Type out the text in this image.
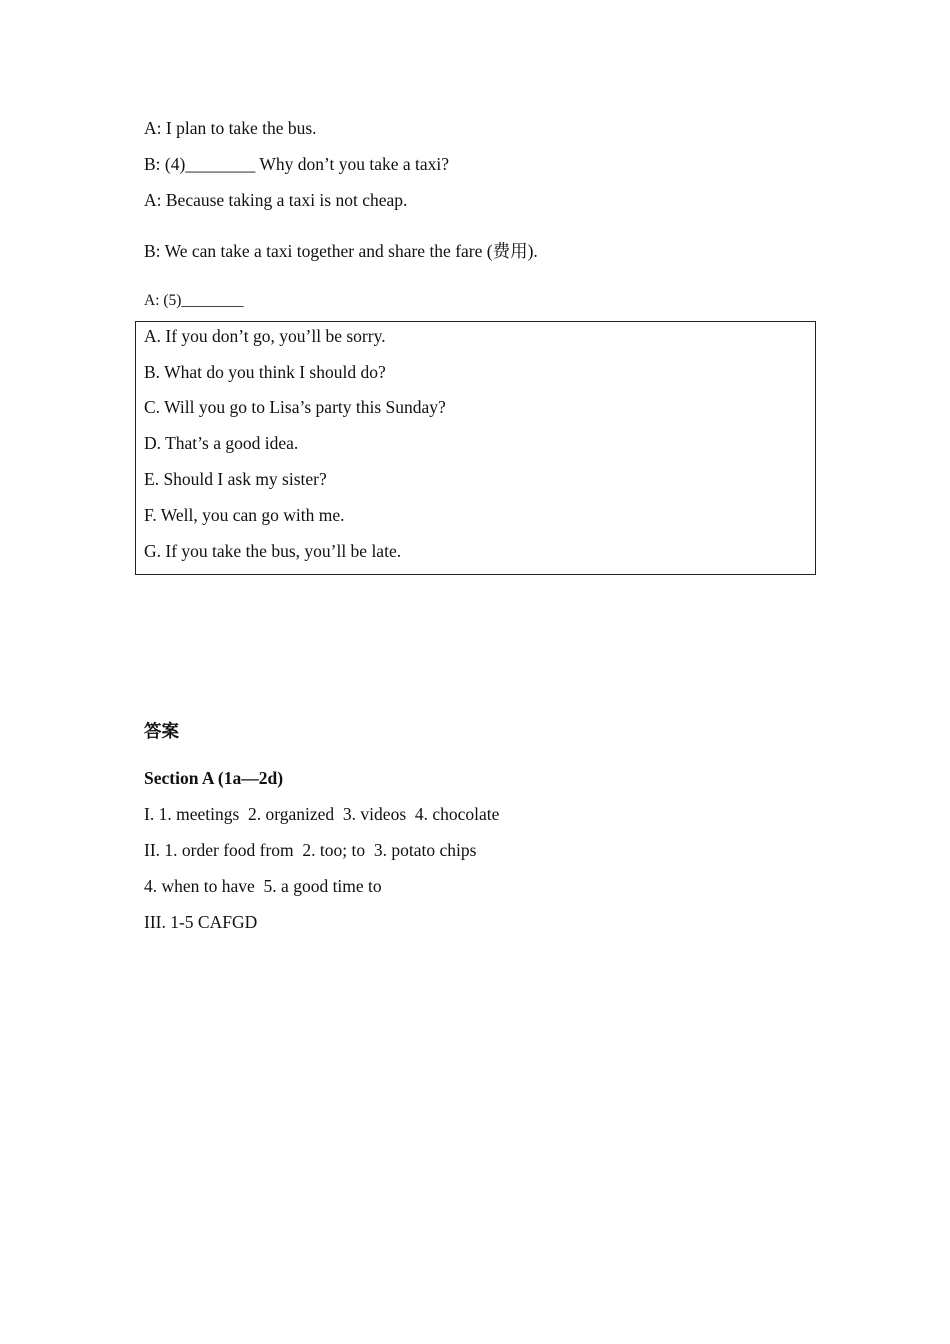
A: I plan to take the bus.
B: (4)________ Why don’t you take a taxi?
A: Because taking a taxi is not cheap.
B: We can take a taxi together and share the fare (费用).
A: (5)________
A. If you don’t go, you’ll be sorry.
B. What do you think I should do?
C. Will you go to Lisa’s party this Sunday?
D. That’s a good idea.
E. Should I ask my sister?
F. Well, you can go with me.
G. If you take the bus, you’ll be late.
答案
Section A (1a—2d)
I. 1. meetings  2. organized  3. videos  4. chocolate
II. 1. order food from  2. too; to  3. potato chips
4. when to have  5. a good time to
III. 1-5 CAFGD
